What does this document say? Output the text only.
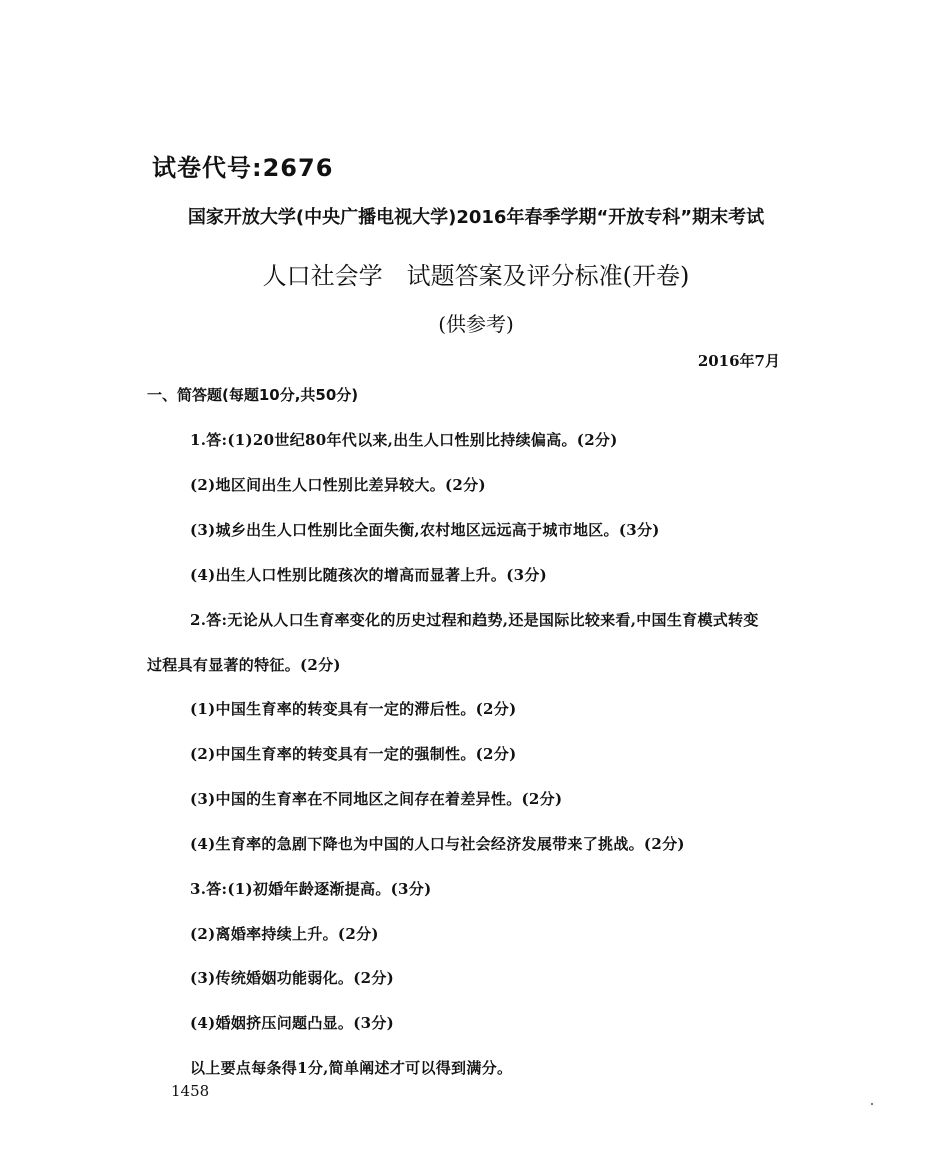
试卷代号:2676
国家开放大学(中央广播电视大学)2016年春季学期“开放专科”期末考试
人口社会学　试题答案及评分标准(开卷)
(供参考)
2016年7月
一、简答题(每题10分,共50分)
1.答:(1)20世纪80年代以来,出生人口性别比持续偏高。(2分)
(2)地区间出生人口性别比差异较大。(2分)
(3)城乡出生人口性别比全面失衡,农村地区远远高于城市地区。(3分)
(4)出生人口性别比随孩次的增高而显著上升。(3分)
2.答:无论从人口生育率变化的历史过程和趋势,还是国际比较来看,中国生育模式转变
过程具有显著的特征。(2分)
(1)中国生育率的转变具有一定的滞后性。(2分)
(2)中国生育率的转变具有一定的强制性。(2分)
(3)中国的生育率在不同地区之间存在着差异性。(2分)
(4)生育率的急剧下降也为中国的人口与社会经济发展带来了挑战。(2分)
3.答:(1)初婚年龄逐渐提高。(3分)
(2)离婚率持续上升。(2分)
(3)传统婚姻功能弱化。(2分)
(4)婚姻挤压问题凸显。(3分)
以上要点每条得1分,简单阐述才可以得到满分。
1458
